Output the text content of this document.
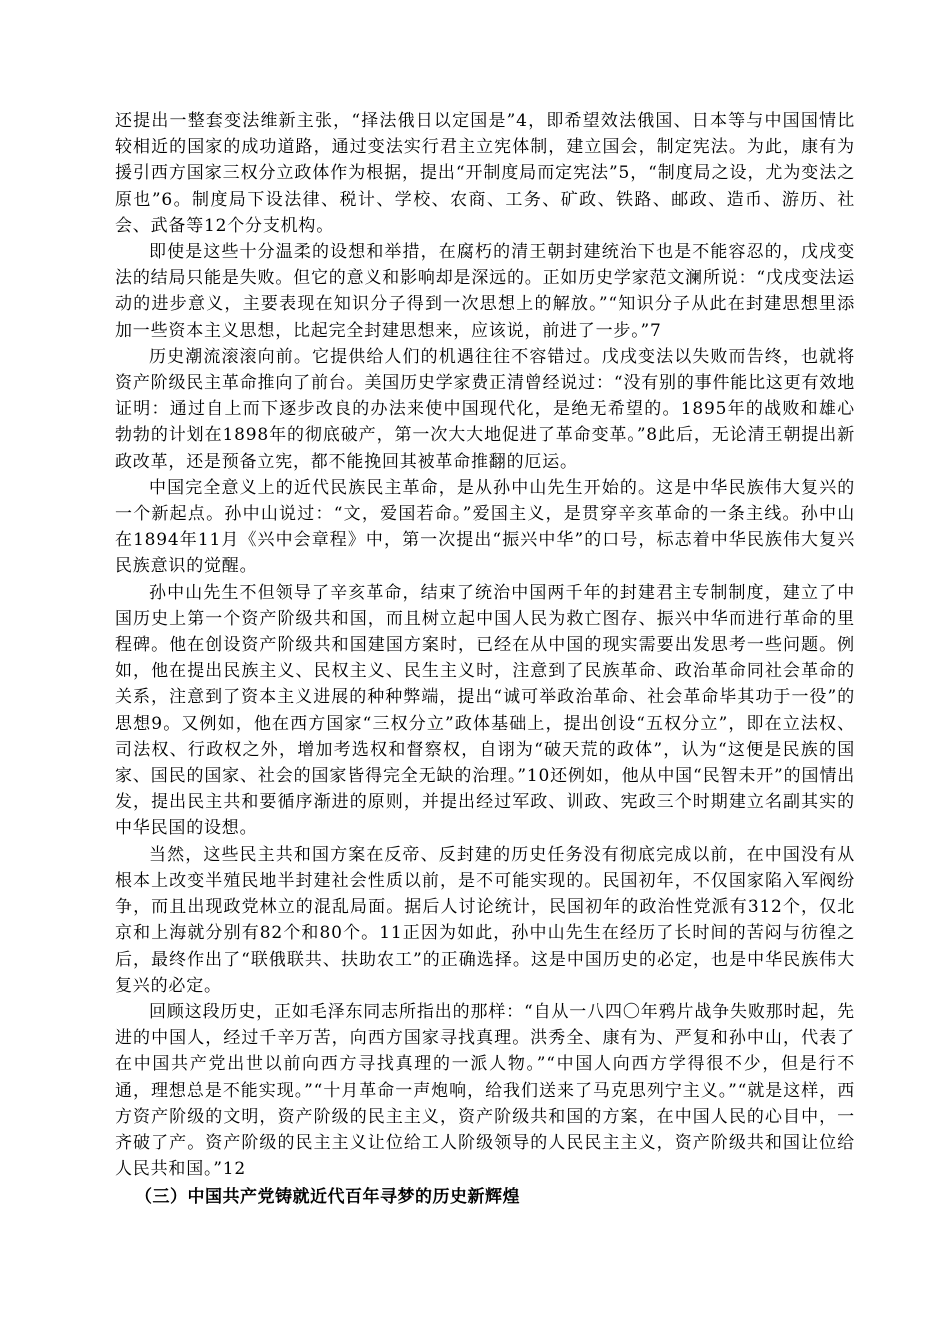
还提出一整套变法维新主张，“择法俄日以定国是”4，即希望效法俄国、日本等与中国国情比较相近的国家的成功道路，通过变法实行君主立宪体制，建立国会，制定宪法。为此，康有为援引西方国家三权分立政体作为根据，提出“开制度局而定宪法”5，“制度局之设，尤为变法之原也”6。制度局下设法律、税计、学校、农商、工务、矿政、铁路、邮政、造币、游历、社会、武备等12个分支机构。

即使是这些十分温柔的设想和举措，在腐朽的清王朝封建统治下也是不能容忍的，戊戌变法的结局只能是失败。但它的意义和影响却是深远的。正如历史学家范文澜所说：“戊戌变法运动的进步意义，主要表现在知识分子得到一次思想上的解放。”“知识分子从此在封建思想里添加一些资本主义思想，比起完全封建思想来，应该说，前进了一步。”7

历史潮流滚滚向前。它提供给人们的机遇往往不容错过。戊戌变法以失败而告终，也就将资产阶级民主革命推向了前台。美国历史学家费正清曾经说过：“没有别的事件能比这更有效地证明：通过自上而下逐步改良的办法来使中国现代化，是绝无希望的。1895年的战败和雄心勃勃的计划在1898年的彻底破产，第一次大大地促进了革命变革。”8此后，无论清王朝提出新政改革，还是预备立宪，都不能挽回其被革命推翻的厄运。

中国完全意义上的近代民族民主革命，是从孙中山先生开始的。这是中华民族伟大复兴的一个新起点。孙中山说过：“文，爱国若命。”爱国主义，是贯穿辛亥革命的一条主线。孙中山在1894年11月《兴中会章程》中，第一次提出“振兴中华”的口号，标志着中华民族伟大复兴民族意识的觉醒。

孙中山先生不但领导了辛亥革命，结束了统治中国两千年的封建君主专制制度，建立了中国历史上第一个资产阶级共和国，而且树立起中国人民为救亡图存、振兴中华而进行革命的里程碑。他在创设资产阶级共和国建国方案时，已经在从中国的现实需要出发思考一些问题。例如，他在提出民族主义、民权主义、民生主义时，注意到了民族革命、政治革命同社会革命的关系，注意到了资本主义进展的种种弊端，提出“诚可举政治革命、社会革命毕其功于一役”的思想9。又例如，他在西方国家“三权分立”政体基础上，提出创设“五权分立”，即在立法权、司法权、行政权之外，增加考选权和督察权，自诩为“破天荒的政体”，认为“这便是民族的国家、国民的国家、社会的国家皆得完全无缺的治理。”10还例如，他从中国“民智未开”的国情出发，提出民主共和要循序渐进的原则，并提出经过军政、训政、宪政三个时期建立名副其实的中华民国的设想。

当然，这些民主共和国方案在反帝、反封建的历史任务没有彻底完成以前，在中国没有从根本上改变半殖民地半封建社会性质以前，是不可能实现的。民国初年，不仅国家陷入军阀纷争，而且出现政党林立的混乱局面。据后人讨论统计，民国初年的政治性党派有312个，仅北京和上海就分别有82个和80个。11正因为如此，孙中山先生在经历了长时间的苦闷与彷徨之后，最终作出了“联俄联共、扶助农工”的正确选择。这是中国历史的必定，也是中华民族伟大复兴的必定。

回顾这段历史，正如毛泽东同志所指出的那样：“自从一八四〇年鸦片战争失败那时起，先进的中国人，经过千辛万苦，向西方国家寻找真理。洪秀全、康有为、严复和孙中山，代表了在中国共产党出世以前向西方寻找真理的一派人物。”“中国人向西方学得很不少，但是行不通，理想总是不能实现。”“十月革命一声炮响，给我们送来了马克思列宁主义。”“就是这样，西方资产阶级的文明，资产阶级的民主主义，资产阶级共和国的方案，在中国人民的心目中，一齐破了产。资产阶级的民主主义让位给工人阶级领导的人民民主主义，资产阶级共和国让位给人民共和国。”12

（三）中国共产党铸就近代百年寻梦的历史新辉煌
